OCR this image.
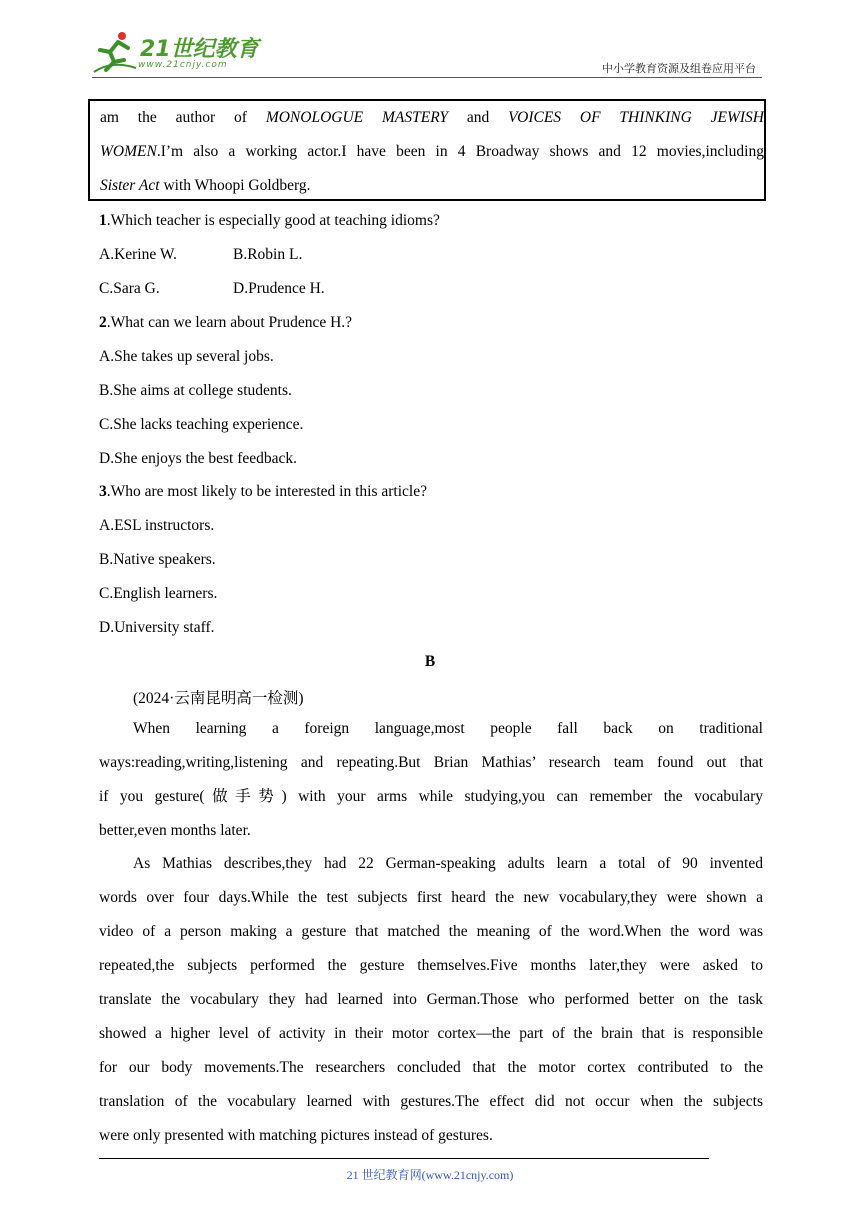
21世纪教育
www.21cnjy.com	中小学教育资源及组卷应用平台

am the author of MONOLOGUE MASTERY and VOICES OF THINKING JEWISH

WOMEN.I’m also a working actor.I have been in 4 Broadway shows and 12 movies,including

Sister Act with Whoopi Goldberg.

1.Which teacher is especially good at teaching idioms?
A.Kerine W.	B.Robin L.
C.Sara G.	D.Prudence H.
2.What can we learn about Prudence H.?
A.She takes up several jobs.
B.She aims at college students.
C.She lacks teaching experience.
D.She enjoys the best feedback.
3.Who are most likely to be interested in this article?
A.ESL instructors.
B.Native speakers.
C.English learners.
D.University staff.
B
(2024·云南昆明高一检测)
When learning a foreign language,most people fall back on traditional
ways:reading,writing,listening and repeating.But Brian Mathias’ research team found out that
if you gesture(做手势) with your arms while studying,you can remember the vocabulary
better,even months later.
As Mathias describes,they had 22 German-speaking adults learn a total of 90 invented
words over four days.While the test subjects first heard the new vocabulary,they were shown a
video of a person making a gesture that matched the meaning of the word.When the word was
repeated,the subjects performed the gesture themselves.Five months later,they were asked to
translate the vocabulary they had learned into German.Those who performed better on the task
showed a higher level of activity in their motor cortex—the part of the brain that is responsible
for our body movements.The researchers concluded that the motor cortex contributed to the
translation of the vocabulary learned with gestures.The effect did not occur when the subjects
were only presented with matching pictures instead of gestures.
21 世纪教育网(www.21cnjy.com)
